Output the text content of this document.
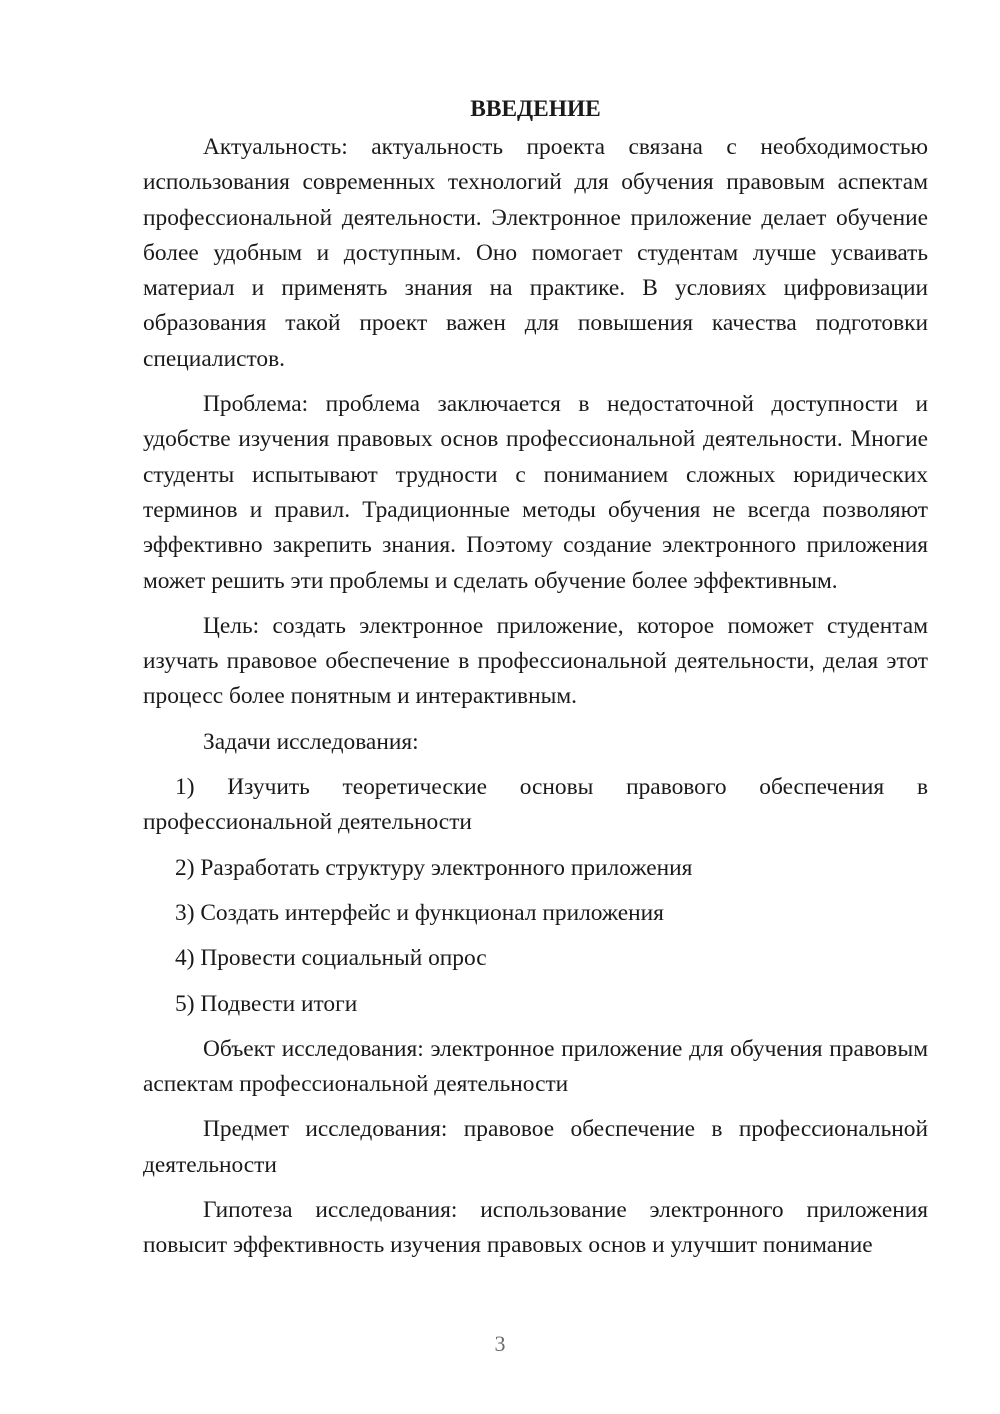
ВВЕДЕНИЕ

Актуальность: актуальность проекта связана с необходимостью использования современных технологий для обучения правовым аспектам профессиональной деятельности. Электронное приложение делает обучение более удобным и доступным. Оно помогает студентам лучше усваивать материал и применять знания на практике. В условиях цифровизации образования такой проект важен для повышения качества подготовки специалистов.

Проблема: проблема заключается в недостаточной доступности и удобстве изучения правовых основ профессиональной деятельности. Многие студенты испытывают трудности с пониманием сложных юридических терминов и правил. Традиционные методы обучения не всегда позволяют эффективно закрепить знания. Поэтому создание электронного приложения может решить эти проблемы и сделать обучение более эффективным.

Цель: создать электронное приложение, которое поможет студентам изучать правовое обеспечение в профессиональной деятельности, делая этот процесс более понятным и интерактивным.

Задачи исследования:

1) Изучить теоретические основы правового обеспечения в профессиональной деятельности

2) Разработать структуру электронного приложения

3) Создать интерфейс и функционал приложения

4) Провести социальный опрос

5) Подвести итоги

Объект исследования: электронное приложение для обучения правовым аспектам профессиональной деятельности

Предмет исследования: правовое обеспечение в профессиональной деятельности

Гипотеза исследования: использование электронного приложения повысит эффективность изучения правовых основ и улучшит понимание

3
